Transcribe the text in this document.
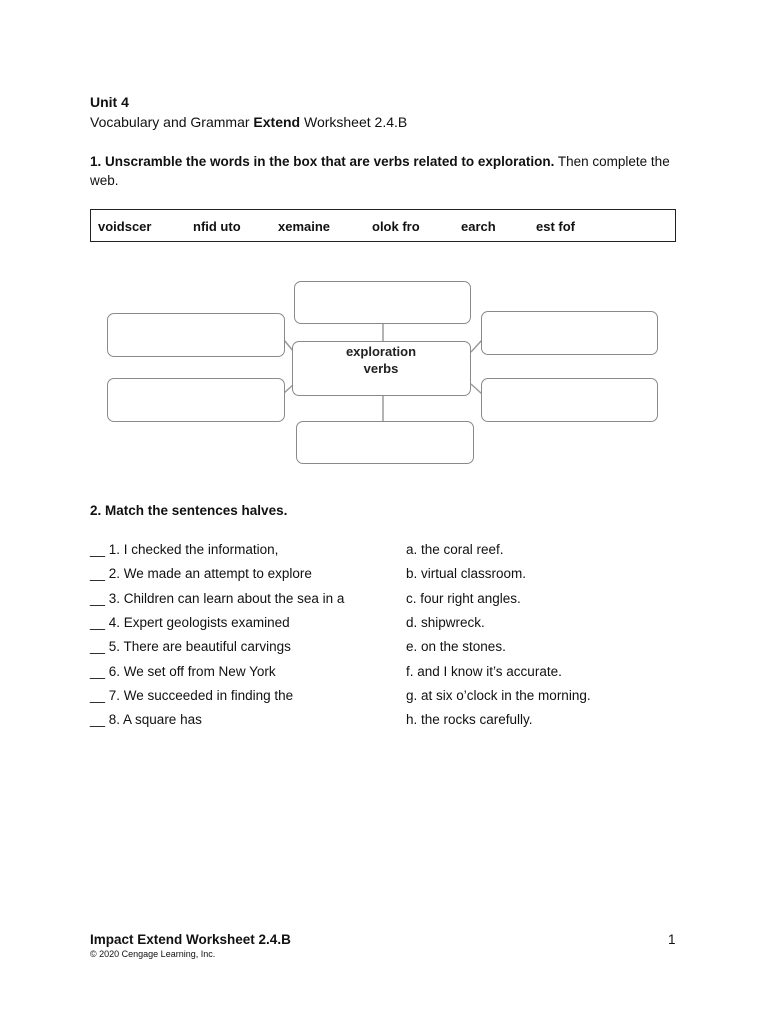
Unit 4
Vocabulary and Grammar Extend Worksheet 2.4.B
1. Unscramble the words in the box that are verbs related to exploration. Then complete the web.
voidscer	nfid uto	xemaine	olok fro	earch	est fof
exploration
verbs
2. Match the sentences halves.
__ 1. I checked the information,
__ 2. We made an attempt to explore
__ 3. Children can learn about the sea in a
__ 4. Expert geologists examined
__ 5. There are beautiful carvings
__ 6. We set off from New York
__ 7. We succeeded in finding the
__ 8. A square has
a. the coral reef.
b. virtual classroom.
c. four right angles.
d. shipwreck.
e. on the stones.
f. and I know it’s accurate.
g. at six o’clock in the morning.
h. the rocks carefully.
Impact Extend Worksheet 2.4.B
© 2020 Cengage Learning, Inc.
1
